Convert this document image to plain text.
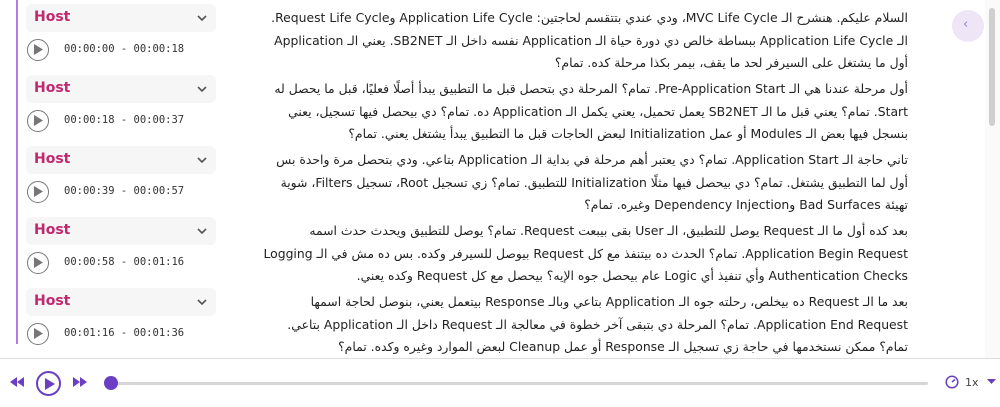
Host
00:00:00 - 00:00:18
السلام عليكم. هنشرح الـ MVC Life Cycle، ودي عندي بتتقسم لحاجتين: Application Life Cycle وRequest Life Cycle. الـ Application Life Cycle ببساطة خالص دي دورة حياة الـ Application نفسه داخل الـ SB2NET. يعني الـ Application أول ما يشتغل على السيرفر لحد ما يقف، بيمر بكذا مرحلة كده. تمام؟
Host
00:00:18 - 00:00:37
أول مرحلة عندنا هي الـ Pre-Application Start. تمام؟ المرحلة دي بتحصل قبل ما التطبيق يبدأ أصلًا فعليًا، قبل ما يحصل له Start. تمام؟ يعني قبل ما الـ SB2NET يعمل تحميل، يعني يكمل الـ Application ده. تمام؟ دي بيحصل فيها تسجيل، يعني بنسجل فيها بعض الـ Modules أو عمل Initialization لبعض الحاجات قبل ما التطبيق يبدأ يشتغل يعني. تمام؟
Host
00:00:39 - 00:00:57
تاني حاجة الـ Application Start. تمام؟ دي يعتبر أهم مرحلة في بداية الـ Application بتاعي. ودي بتحصل مرة واحدة بس أول لما التطبيق يشتغل. تمام؟ دي بيحصل فيها مثلًا Initialization للتطبيق. تمام؟ زي تسجيل Root، تسجيل Filters، شوية تهيئة Bad Surfaces وDependency Injection وغيره. تمام؟
Host
00:00:58 - 00:01:16
بعد كده أول ما الـ Request يوصل للتطبيق، الـ User بقى بيبعت Request. تمام؟ يوصل للتطبيق ويحدث حدث اسمه Application Begin Request. تمام؟ الحدث ده بيتنفذ مع كل Request بيوصل للسيرفر وكده. بس ده مش في الـ Logging Authentication Checks وأي تنفيذ أي Logic عام بيحصل جوه الإيه؟ بيحصل مع كل Request وكده يعني.
Host
00:01:16 - 00:01:36
بعد ما الـ Request ده بيخلص، رحلته جوه الـ Application بتاعي وبالـ Response بيتعمل يعني، بنوصل لحاجة اسمها Application End Request. تمام؟ المرحلة دي بتبقى آخر خطوة في معالجة الـ Request داخل الـ Application بتاعي. تمام؟ ممكن نستخدمها في حاجة زي تسجيل الـ Response أو عمل Cleanup لبعض الموارد وغيره وكده. تمام؟
‹
1x
